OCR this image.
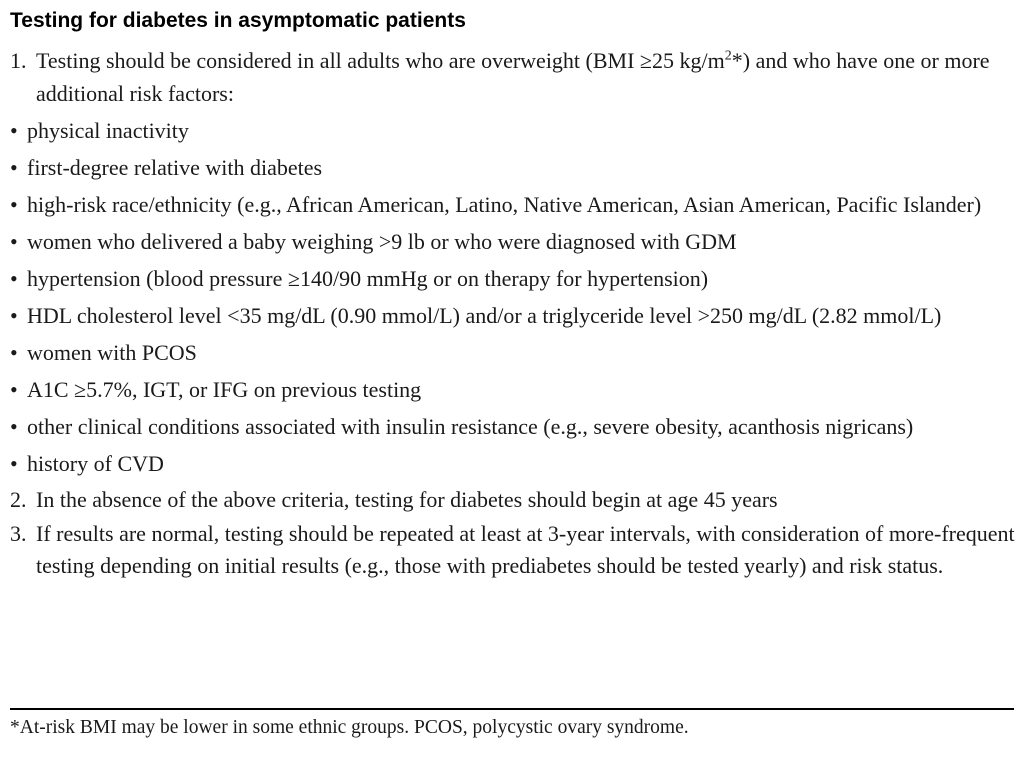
Testing for diabetes in asymptomatic patients
1. Testing should be considered in all adults who are overweight (BMI ≥25 $kg/m^2*$) and who have one or more additional risk factors:
• physical inactivity
• first-degree relative with diabetes
• high-risk race/ethnicity (e.g., African American, Latino, Native American, Asian American, Pacific Islander)
• women who delivered a baby weighing >9 lb or who were diagnosed with GDM
• hypertension (blood pressure ≥140/90 mmHg or on therapy for hypertension)
• HDL cholesterol level <35 mg/dL (0.90 mmol/L) and/or a triglyceride level >250 mg/dL (2.82 mmol/L)
• women with PCOS
• A1C ≥5.7%, IGT, or IFG on previous testing
• other clinical conditions associated with insulin resistance (e.g., severe obesity, acanthosis nigricans)
• history of CVD
2. In the absence of the above criteria, testing for diabetes should begin at age 45 years
3. If results are normal, testing should be repeated at least at 3-year intervals, with consideration of more-frequent testing depending on initial results (e.g., those with prediabetes should be tested yearly) and risk status.
*At-risk BMI may be lower in some ethnic groups. PCOS, polycystic ovary syndrome.
